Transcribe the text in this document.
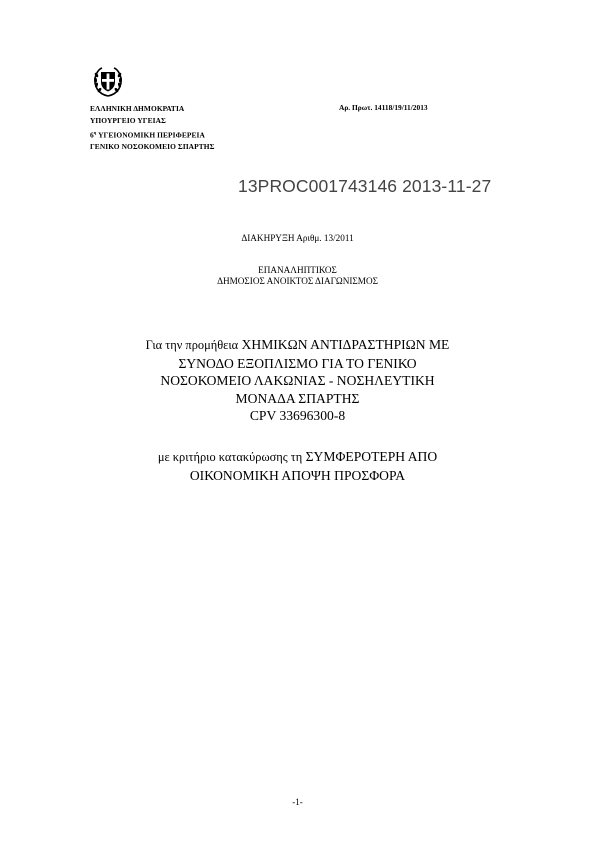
ΕΛΛΗΝΙΚΗ ΔΗΜΟΚΡΑΤΙΑ
ΥΠΟΥΡΓΕΙΟ ΥΓΕΙΑΣ
$6^\eta$ ΥΓΕΙΟΝΟΜΙΚΗ ΠΕΡΙΦΕΡΕΙΑ
ΓΕΝΙΚΟ ΝΟΣΟΚΟΜΕΙΟ ΣΠΑΡΤΗΣ
Αρ. Πρωτ. 14118/19/11/2013
13PROC001743146 2013-11-27
ΔΙΑΚΗΡΥΞΗ Αριθμ. 13/2011
ΕΠΑΝΑΛΗΠΤΙΚΟΣ
ΔΗΜΟΣΙΟΣ ΑΝΟΙΚΤΟΣ ΔΙΑΓΩΝΙΣΜΟΣ
Για την προμήθεια ΧΗΜΙΚΩΝ ΑΝΤΙΔΡΑΣΤΗΡΙΩΝ ΜΕ
ΣΥΝΟΔΟ ΕΞΟΠΛΙΣΜΟ ΓΙΑ ΤΟ ΓΕΝΙΚΟ
ΝΟΣΟΚΟΜΕΙΟ ΛΑΚΩΝΙΑΣ - ΝΟΣΗΛΕΥΤΙΚΗ
ΜΟΝΑΔΑ ΣΠΑΡΤΗΣ
CPV 33696300-8
με κριτήριο κατακύρωσης τη ΣΥΜΦΕΡΟΤΕΡΗ ΑΠΟ
ΟΙΚΟΝΟΜΙΚΗ ΑΠΟΨΗ ΠΡΟΣΦΟΡΑ
-1-
